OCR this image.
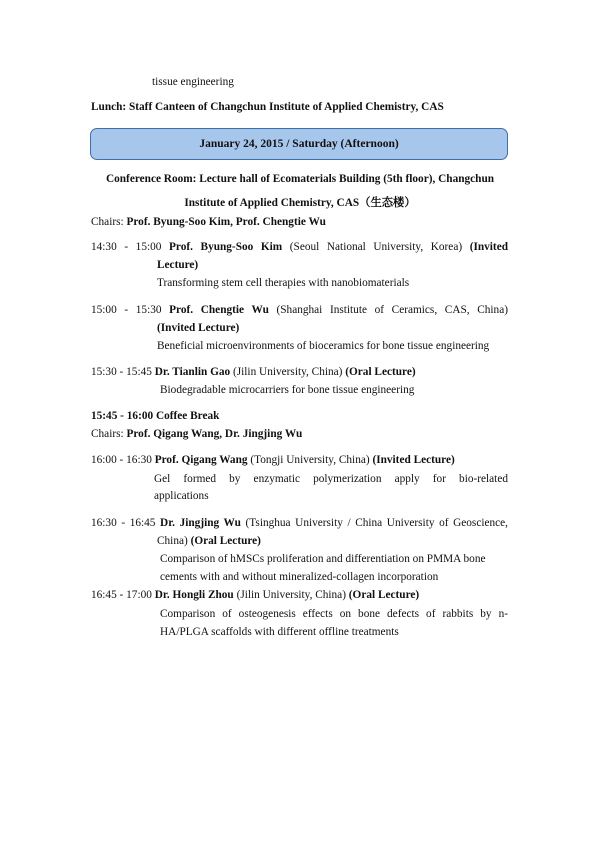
tissue engineering
Lunch: Staff Canteen of Changchun Institute of Applied Chemistry, CAS
January 24, 2015 / Saturday (Afternoon)
Conference Room: Lecture hall of Ecomaterials Building (5th floor), Changchun
Institute of Applied Chemistry, CAS（生态楼）
Chairs: Prof. Byung-Soo Kim, Prof. Chengtie Wu
14:30 - 15:00 Prof. Byung-Soo Kim (Seoul National University, Korea) (Invited
Lecture)
Transforming stem cell therapies with nanobiomaterials
15:00 - 15:30 Prof. Chengtie Wu (Shanghai Institute of Ceramics, CAS, China)
(Invited Lecture)
Beneficial microenvironments of bioceramics for bone tissue engineering
15:30 - 15:45 Dr. Tianlin Gao (Jilin University, China) (Oral Lecture)
Biodegradable microcarriers for bone tissue engineering
15:45 - 16:00 Coffee Break
Chairs: Prof. Qigang Wang, Dr. Jingjing Wu
16:00 - 16:30 Prof. Qigang Wang (Tongji University, China) (Invited Lecture)
Gel formed by enzymatic polymerization apply for bio-related
applications
16:30 - 16:45 Dr. Jingjing Wu (Tsinghua University / China University of Geoscience,
China) (Oral Lecture)
Comparison of hMSCs proliferation and differentiation on PMMA bone
cements with and without mineralized-collagen incorporation
16:45 - 17:00 Dr. Hongli Zhou (Jilin University, China) (Oral Lecture)
Comparison of osteogenesis effects on bone defects of rabbits by n-
HA/PLGA scaffolds with different offline treatments
